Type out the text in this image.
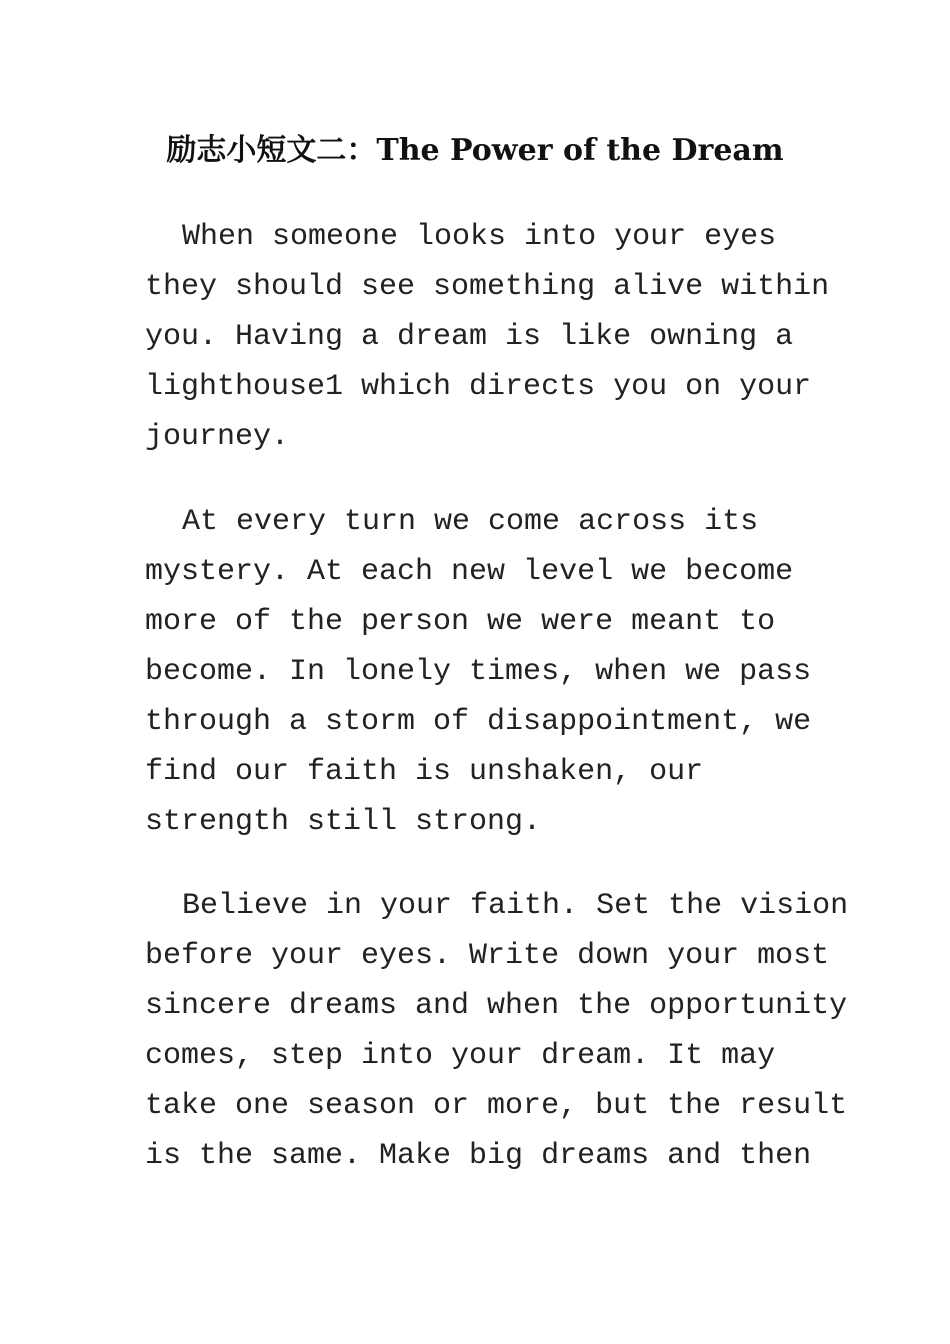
励志小短文二：The Power of the Dream

When someone looks into your eyes
they should see something alive within
you. Having a dream is like owning a
lighthouse1 which directs you on your
journey.

At every turn we come across its
mystery. At each new level we become
more of the person we were meant to
become. In lonely times, when we pass
through a storm of disappointment, we
find our faith is unshaken, our
strength still strong.

Believe in your faith. Set the vision
before your eyes. Write down your most
sincere dreams and when the opportunity
comes, step into your dream. It may
take one season or more, but the result
is the same. Make big dreams and then
